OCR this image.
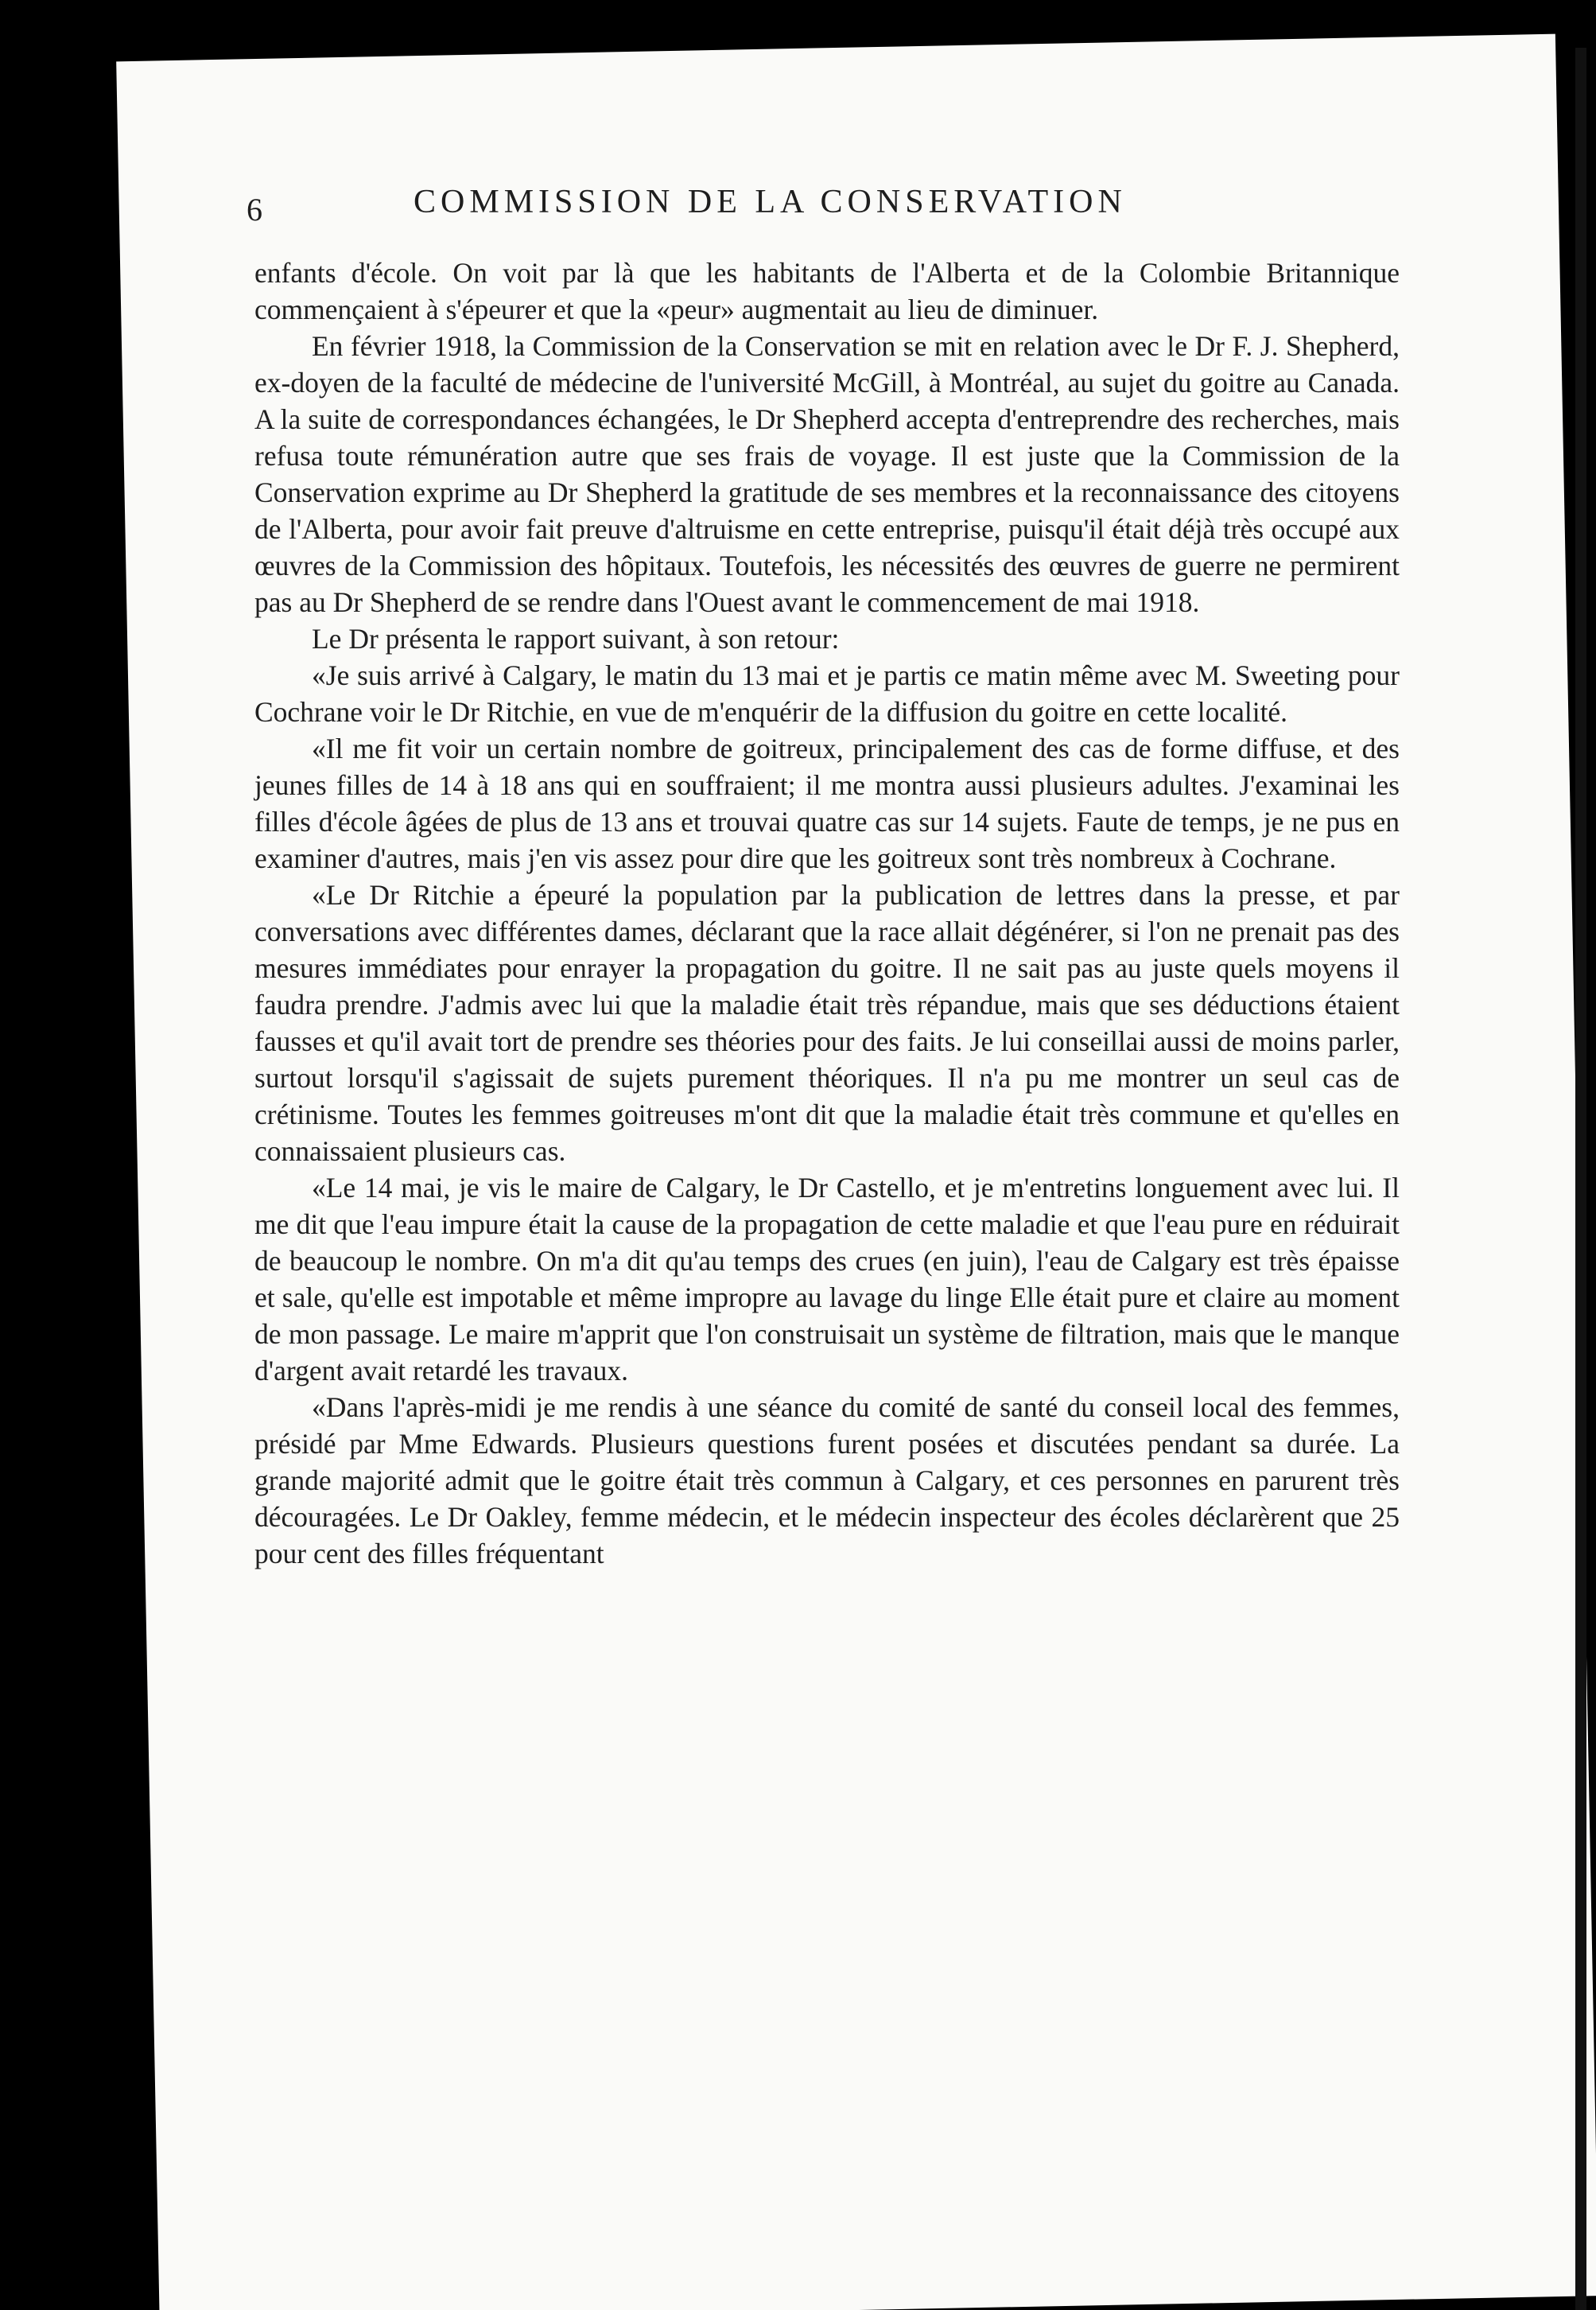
6	COMMISSION DE LA CONSERVATION

enfants d'école. On voit par là que les habitants de l'Alberta et de la Colombie Britannique commençaient à s'épeurer et que la «peur» augmentait au lieu de diminuer.

En février 1918, la Commission de la Conservation se mit en relation avec le Dr F. J. Shepherd, ex-doyen de la faculté de médecine de l'université McGill, à Montréal, au sujet du goitre au Canada. A la suite de correspondances échangées, le Dr Shepherd accepta d'entreprendre des recherches, mais refusa toute rémunération autre que ses frais de voyage. Il est juste que la Commission de la Conservation exprime au Dr Shepherd la gratitude de ses membres et la reconnaissance des citoyens de l'Alberta, pour avoir fait preuve d'altruisme en cette entreprise, puisqu'il était déjà très occupé aux œuvres de la Commission des hôpitaux. Toutefois, les nécessités des œuvres de guerre ne permirent pas au Dr Shepherd de se rendre dans l'Ouest avant le commencement de mai 1918.

Le Dr présenta le rapport suivant, à son retour:

«Je suis arrivé à Calgary, le matin du 13 mai et je partis ce matin même avec M. Sweeting pour Cochrane voir le Dr Ritchie, en vue de m'enquérir de la diffusion du goitre en cette localité.

«Il me fit voir un certain nombre de goitreux, principalement des cas de forme diffuse, et des jeunes filles de 14 à 18 ans qui en souffraient; il me montra aussi plusieurs adultes. J'examinai les filles d'école âgées de plus de 13 ans et trouvai quatre cas sur 14 sujets. Faute de temps, je ne pus en examiner d'autres, mais j'en vis assez pour dire que les goitreux sont très nombreux à Cochrane.

«Le Dr Ritchie a épeuré la population par la publication de lettres dans la presse, et par conversations avec différentes dames, déclarant que la race allait dégénérer, si l'on ne prenait pas des mesures immédiates pour enrayer la propagation du goitre. Il ne sait pas au juste quels moyens il faudra prendre. J'admis avec lui que la maladie était très répandue, mais que ses déductions étaient fausses et qu'il avait tort de prendre ses théories pour des faits. Je lui conseillai aussi de moins parler, surtout lorsqu'il s'agissait de sujets purement théoriques. Il n'a pu me montrer un seul cas de crétinisme. Toutes les femmes goitreuses m'ont dit que la maladie était très commune et qu'elles en connaissaient plusieurs cas.

«Le 14 mai, je vis le maire de Calgary, le Dr Castello, et je m'entretins longuement avec lui. Il me dit que l'eau impure était la cause de la propagation de cette maladie et que l'eau pure en réduirait de beaucoup le nombre. On m'a dit qu'au temps des crues (en juin), l'eau de Calgary est très épaisse et sale, qu'elle est impotable et même impropre au lavage du linge Elle était pure et claire au moment de mon passage. Le maire m'apprit que l'on construisait un système de filtration, mais que le manque d'argent avait retardé les travaux.

«Dans l'après-midi je me rendis à une séance du comité de santé du conseil local des femmes, présidé par Mme Edwards. Plusieurs questions furent posées et discutées pendant sa durée. La grande majorité admit que le goitre était très commun à Calgary, et ces personnes en parurent très découragées. Le Dr Oakley, femme médecin, et le médecin inspecteur des écoles déclarèrent que 25 pour cent des filles fréquentant
